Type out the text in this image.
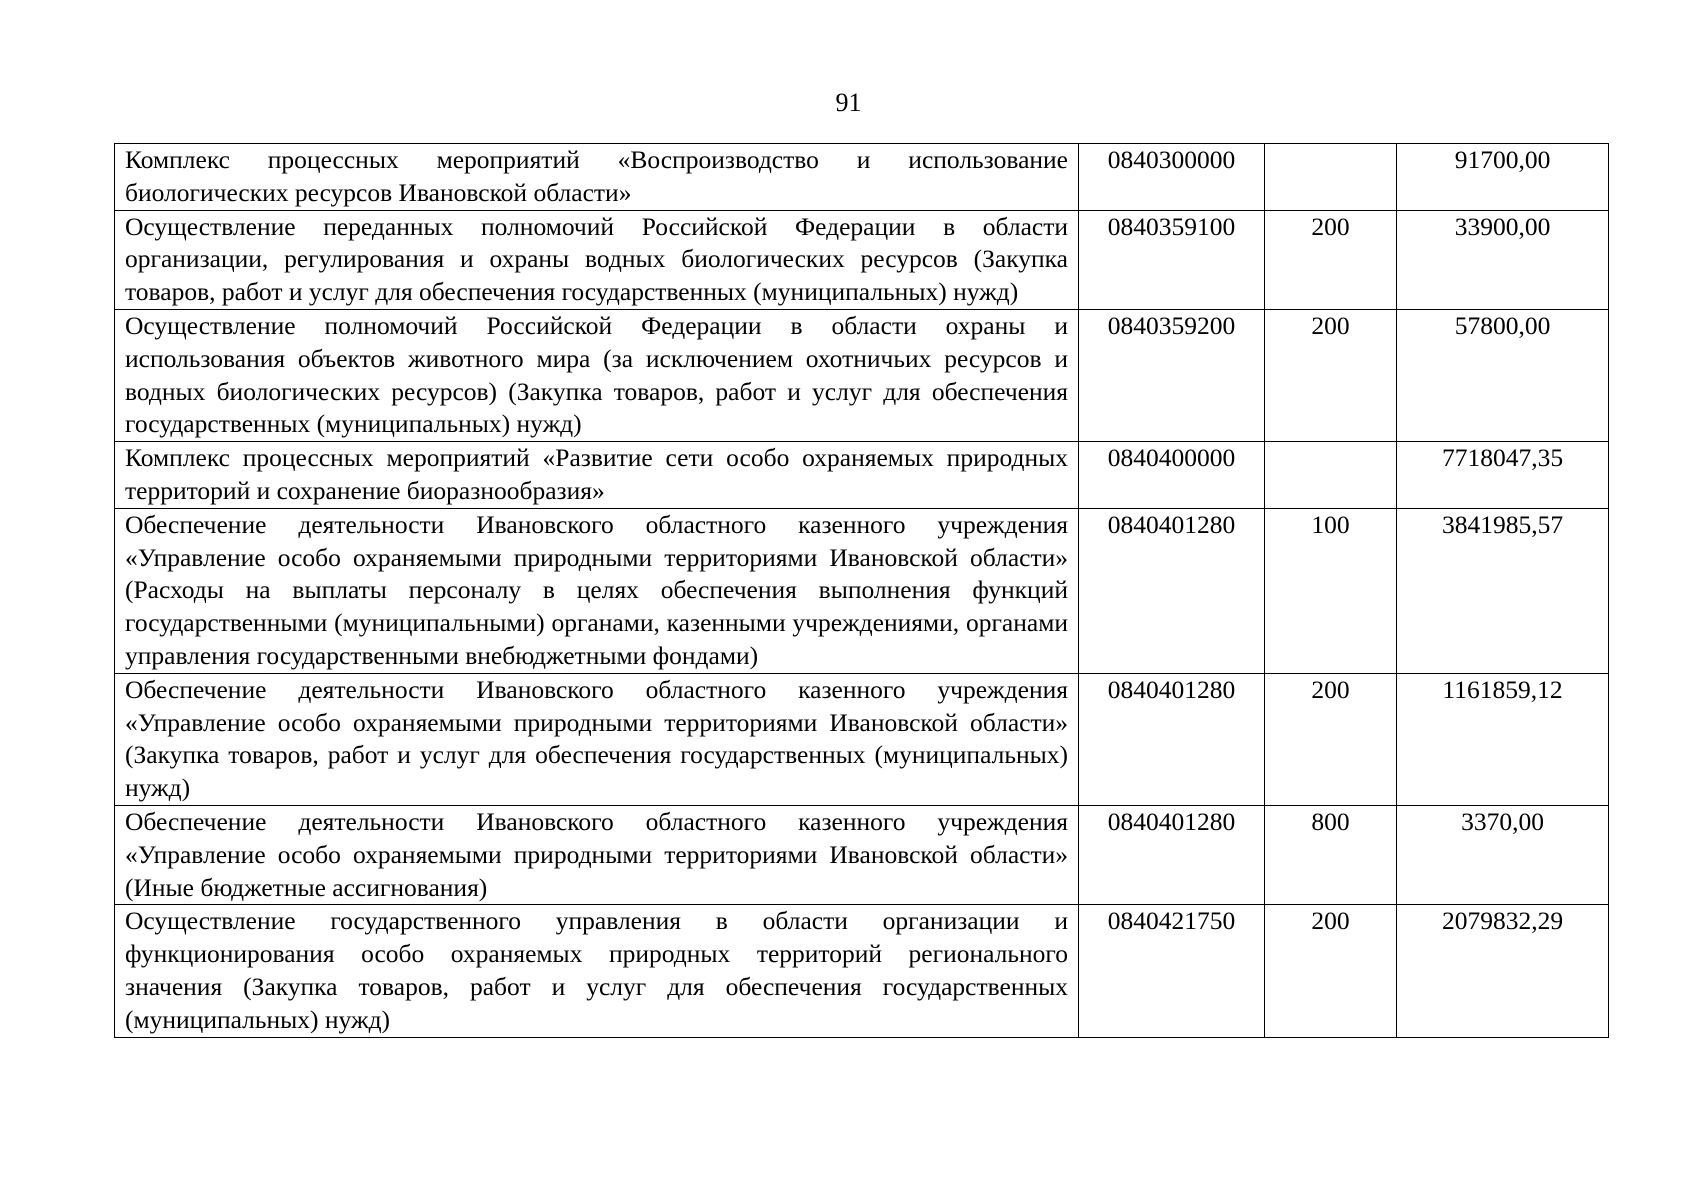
91
Комплекс процессных мероприятий «Воспроизводство и использование биологических ресурсов Ивановской области»	0840300000		91700,00
Осуществление переданных полномочий Российской Федерации в области организации, регулирования и охраны водных биологических ресурсов (Закупка товаров, работ и услуг для обеспечения государственных (муниципальных) нужд)	0840359100	200	33900,00
Осуществление полномочий Российской Федерации в области охраны и использования объектов животного мира (за исключением охотничьих ресурсов и водных биологических ресурсов) (Закупка товаров, работ и услуг для обеспечения государственных (муниципальных) нужд)	0840359200	200	57800,00
Комплекс процессных мероприятий «Развитие сети особо охраняемых природных территорий и сохранение биоразнообразия»	0840400000		7718047,35
Обеспечение деятельности Ивановского областного казенного учреждения «Управление особо охраняемыми природными территориями Ивановской области» (Расходы на выплаты персоналу в целях обеспечения выполнения функций государственными (муниципальными) органами, казенными учреждениями, органами управления государственными внебюджетными фондами)	0840401280	100	3841985,57
Обеспечение деятельности Ивановского областного казенного учреждения «Управление особо охраняемыми природными территориями Ивановской области» (Закупка товаров, работ и услуг для обеспечения государственных (муниципальных) нужд)	0840401280	200	1161859,12
Обеспечение деятельности Ивановского областного казенного учреждения «Управление особо охраняемыми природными территориями Ивановской области» (Иные бюджетные ассигнования)	0840401280	800	3370,00
Осуществление государственного управления в области организации и функционирования особо охраняемых природных территорий регионального значения (Закупка товаров, работ и услуг для обеспечения государственных (муниципальных) нужд)	0840421750	200	2079832,29
